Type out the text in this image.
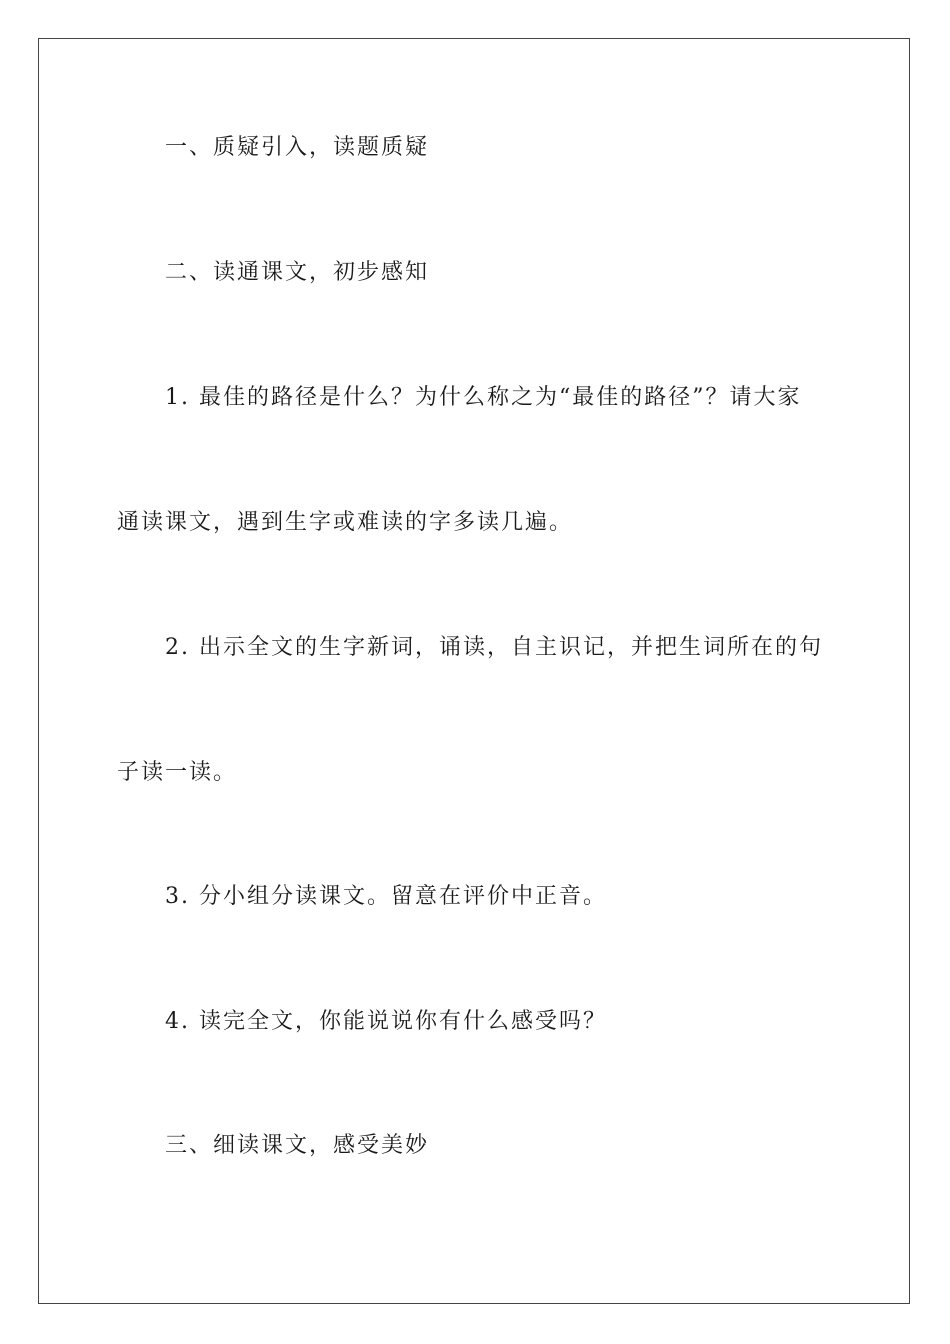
一、质疑引入，读题质疑
二、读通课文，初步感知
1. 最佳的路径是什么？为什么称之为“最佳的路径”？请大家
通读课文，遇到生字或难读的字多读几遍。
2. 出示全文的生字新词，诵读，自主识记，并把生词所在的句
子读一读。
3. 分小组分读课文。留意在评价中正音。
4. 读完全文，你能说说你有什么感受吗？
三、细读课文，感受美妙
